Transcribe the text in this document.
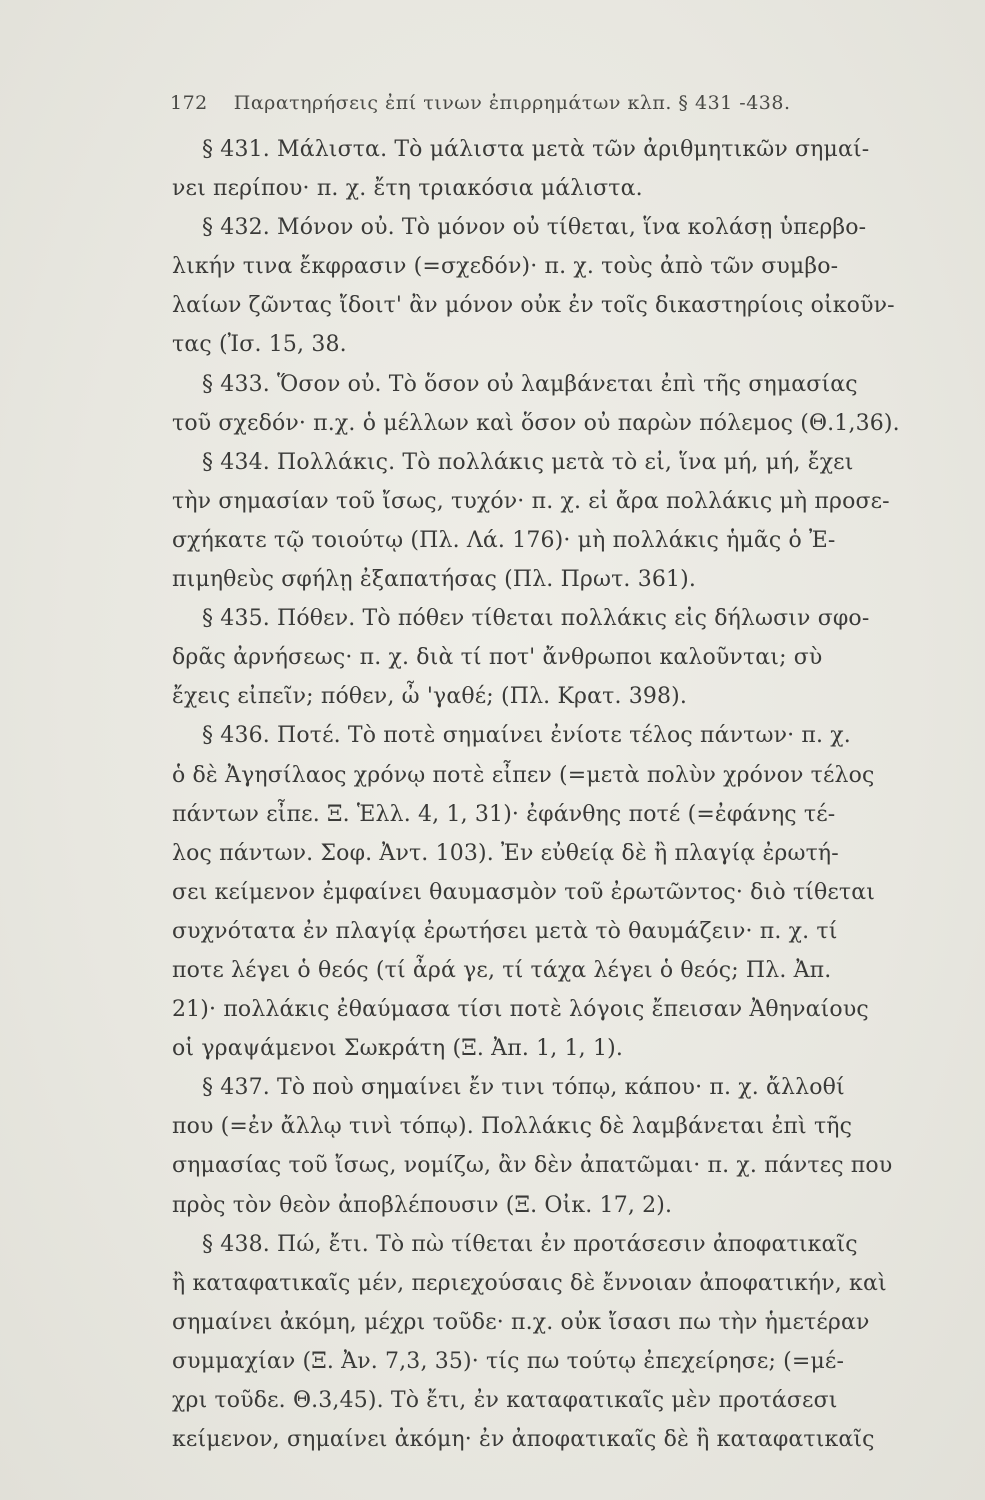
172 Παρατηρήσεις ἐπί τινων ἐπιρρημάτων κλπ. § 431 -438.
§ 431. Μάλιστα. Τὸ μάλιστα μετὰ τῶν ἀριθμητικῶν σημαί-
νει περίπου· π. χ. ἔτη τριακόσια μάλιστα.
§ 432. Μόνον οὐ. Τὸ μόνον οὐ τίθεται, ἵνα κολάσῃ ὑπερβο-
λικήν τινα ἔκφρασιν (=σχεδόν)· π. χ. τοὺς ἀπὸ τῶν συμβο-
λαίων ζῶντας ἴδοιτ' ἂν μόνον οὐκ ἐν τοῖς δικαστηρίοις οἰκοῦν-
τας (Ἰσ. 15, 38.
§ 433. Ὅσον οὐ. Τὸ ὅσον οὐ λαμβάνεται ἐπὶ τῆς σημασίας
τοῦ σχεδόν· π.χ. ὁ μέλλων καὶ ὅσον οὐ παρὼν πόλεμος (Θ.1,36).
§ 434. Πολλάκις. Τὸ πολλάκις μετὰ τὸ εἰ, ἵνα μή, μή, ἔχει
τὴν σημασίαν τοῦ ἴσως, τυχόν· π. χ. εἰ ἄρα πολλάκις μὴ προσε-
σχήκατε τῷ τοιούτῳ (Πλ. Λά. 176)· μὴ πολλάκις ἡμᾶς ὁ Ἐ-
πιμηθεὺς σφήλῃ ἐξαπατήσας (Πλ. Πρωτ. 361).
§ 435. Πόθεν. Τὸ πόθεν τίθεται πολλάκις εἰς δήλωσιν σφο-
δρᾶς ἀρνήσεως· π. χ. διὰ τί ποτ' ἄνθρωποι καλοῦνται; σὺ
ἔχεις εἰπεῖν; πόθεν, ὦ 'γαθέ; (Πλ. Κρατ. 398).
§ 436. Ποτέ. Τὸ ποτὲ σημαίνει ἐνίοτε τέλος πάντων· π. χ.
ὁ δὲ Ἀγησίλαος χρόνῳ ποτὲ εἶπεν (=μετὰ πολὺν χρόνον τέλος
πάντων εἶπε. Ξ. Ἑλλ. 4, 1, 31)· ἐφάνθης ποτέ (=ἐφάνης τέ-
λος πάντων. Σοφ. Ἀντ. 103). Ἐν εὐθείᾳ δὲ ἢ πλαγίᾳ ἐρωτή-
σει κείμενον ἐμφαίνει θαυμασμὸν τοῦ ἐρωτῶντος· διὸ τίθεται
συχνότατα ἐν πλαγίᾳ ἐρωτήσει μετὰ τὸ θαυμάζειν· π. χ. τί
ποτε λέγει ὁ θεός (τί ἆρά γε, τί τάχα λέγει ὁ θεός; Πλ. Ἀπ.
21)· πολλάκις ἐθαύμασα τίσι ποτὲ λόγοις ἔπεισαν Ἀθηναίους
οἱ γραψάμενοι Σωκράτη (Ξ. Ἀπ. 1, 1, 1).
§ 437. Τὸ ποὺ σημαίνει ἔν τινι τόπῳ, κάπου· π. χ. ἄλλοθί
που (=ἐν ἄλλῳ τινὶ τόπῳ). Πολλάκις δὲ λαμβάνεται ἐπὶ τῆς
σημασίας τοῦ ἴσως, νομίζω, ἂν δὲν ἀπατῶμαι· π. χ. πάντες που
πρὸς τὸν θεὸν ἀποβλέπουσιν (Ξ. Οἰκ. 17, 2).
§ 438. Πώ, ἔτι. Τὸ πὼ τίθεται ἐν προτάσεσιν ἀποφατικαῖς
ἢ καταφατικαῖς μέν, περιεχούσαις δὲ ἔννοιαν ἀποφατικήν, καὶ
σημαίνει ἀκόμη, μέχρι τοῦδε· π.χ. οὐκ ἴσασι πω τὴν ἡμετέραν
συμμαχίαν (Ξ. Ἀν. 7,3, 35)· τίς πω τούτῳ ἐπεχείρησε; (=μέ-
χρι τοῦδε. Θ.3,45). Τὸ ἔτι, ἐν καταφατικαῖς μὲν προτάσεσι
κείμενον, σημαίνει ἀκόμη· ἐν ἀποφατικαῖς δὲ ἢ καταφατικαῖς
